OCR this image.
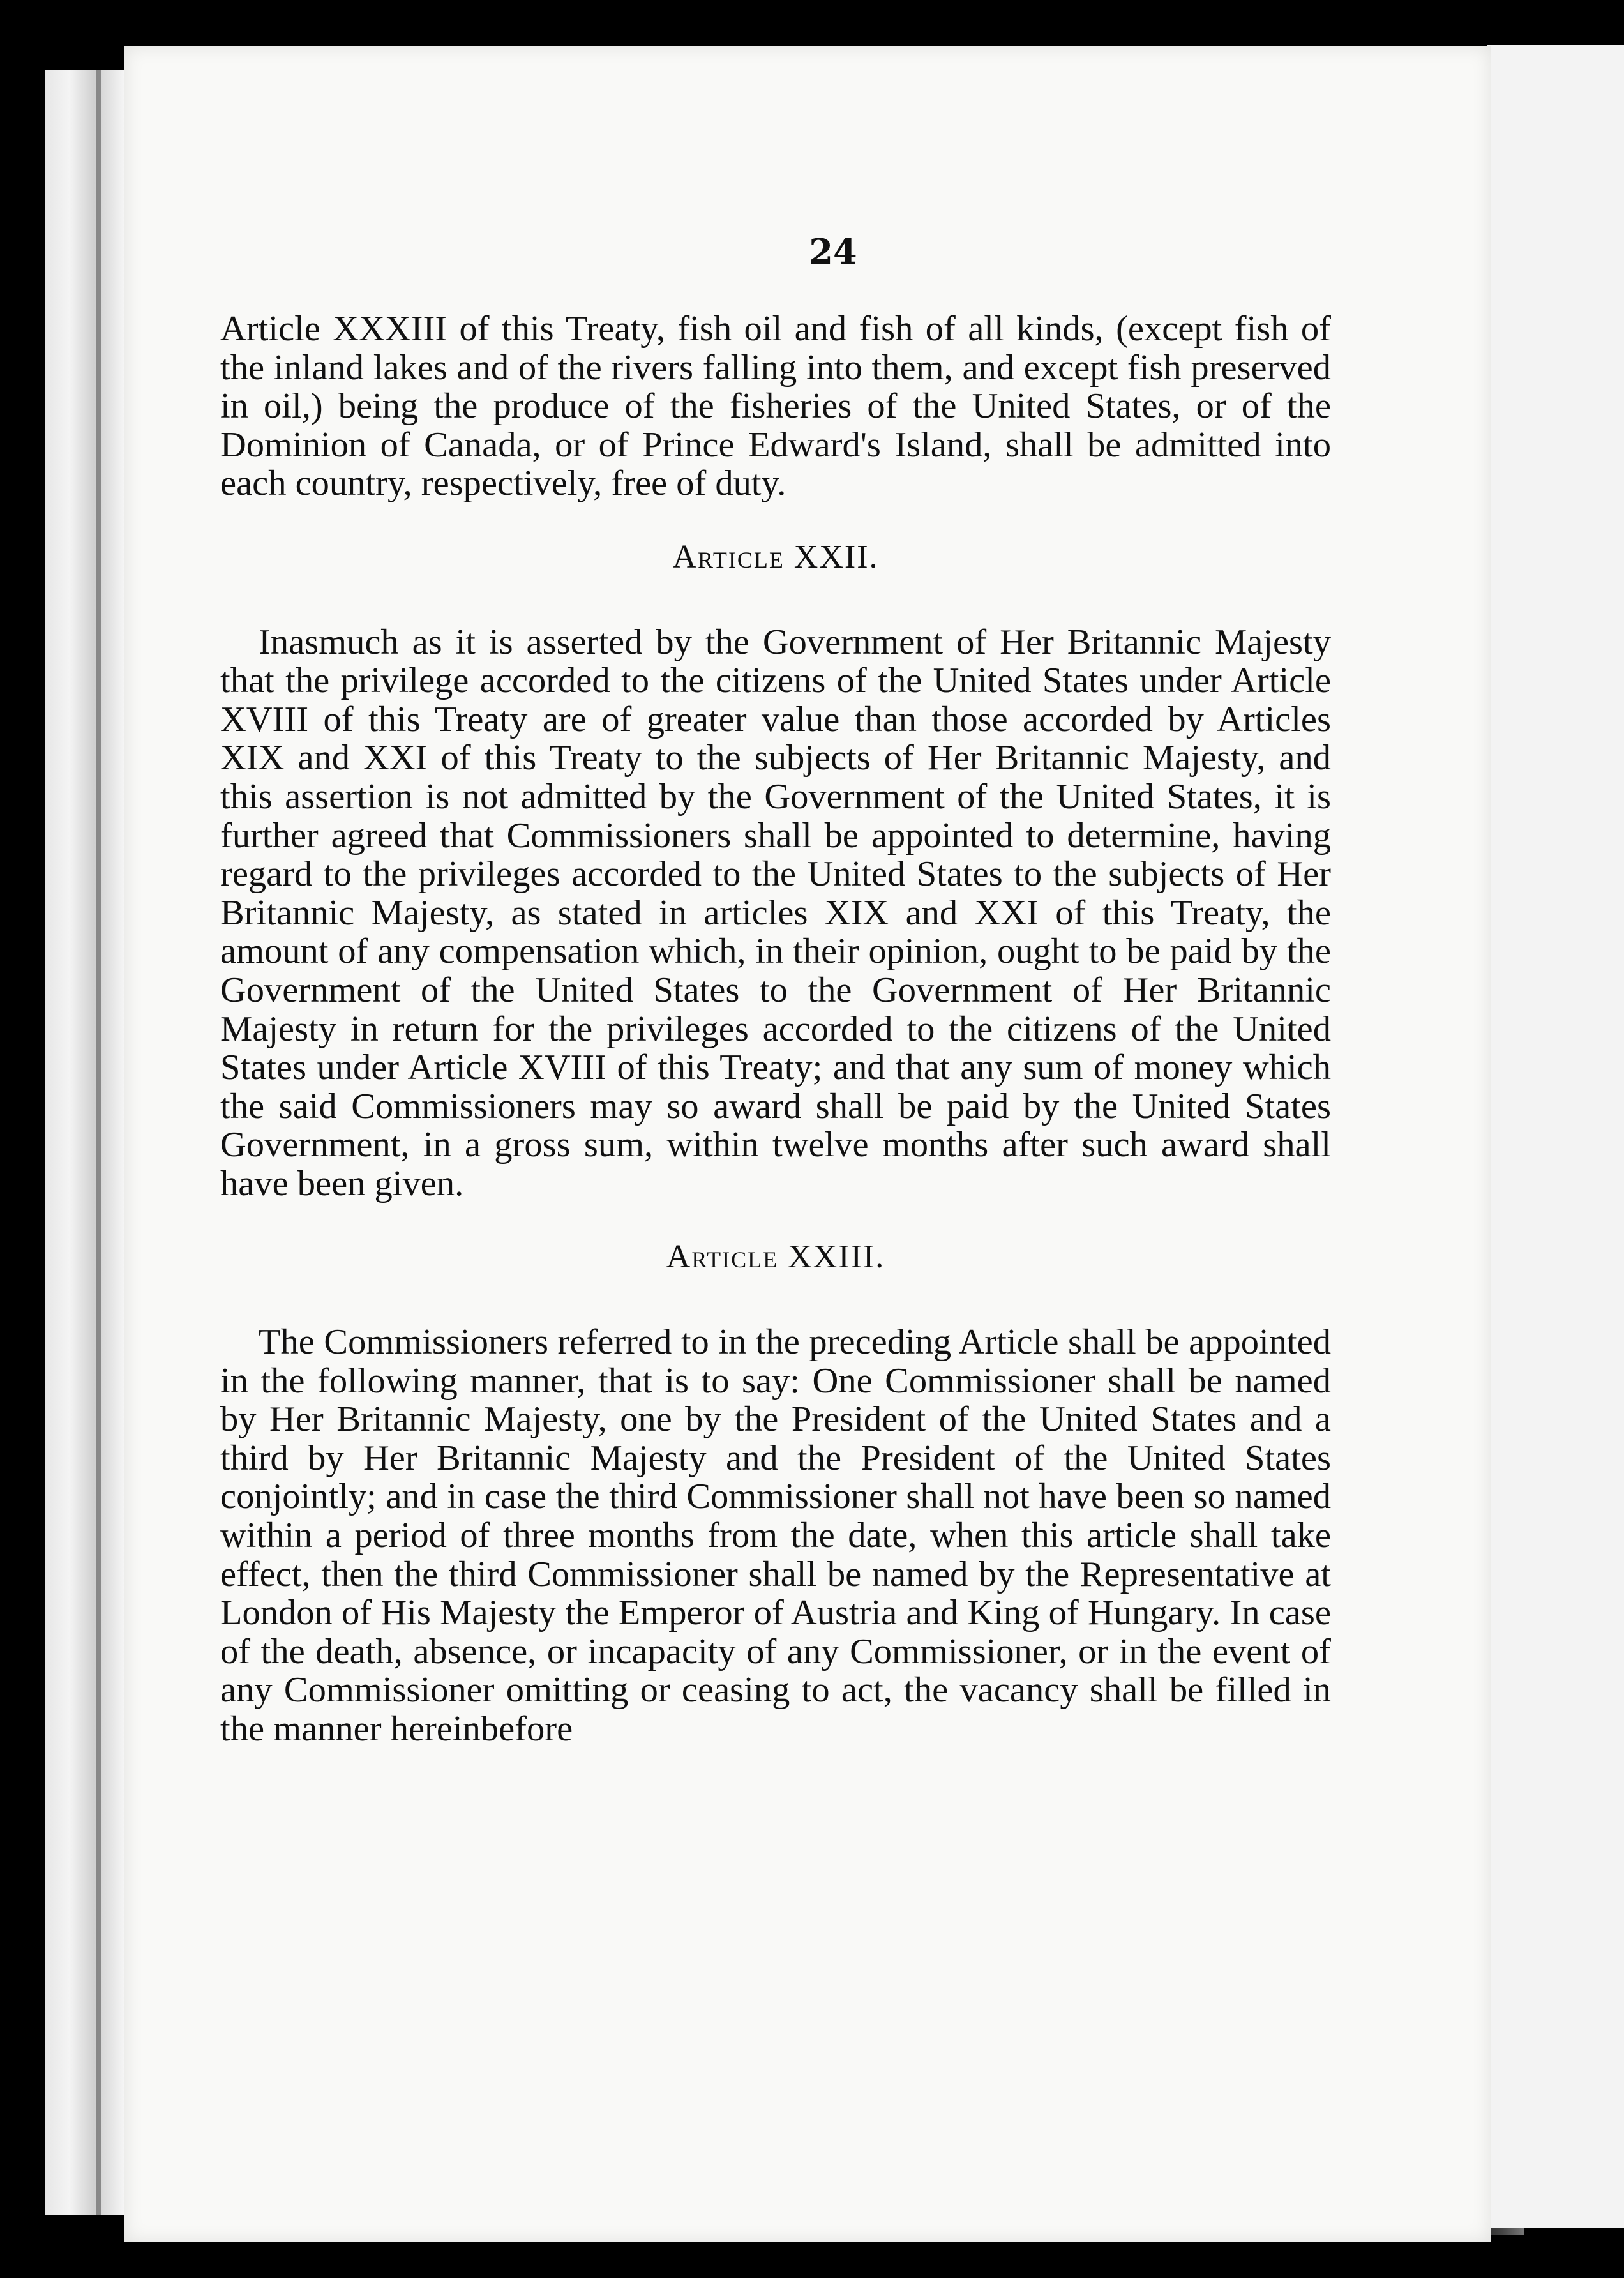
24

Article XXXIII of this Treaty, fish oil and fish of all kinds, (except fish of the inland lakes and of the rivers falling into them, and except fish preserved in oil,) being the produce of the fisheries of the United States, or of the Dominion of Canada, or of Prince Edward's Island, shall be admitted into each country, respectively, free of duty.

Article XXII.

Inasmuch as it is asserted by the Government of Her Britannic Majesty that the privilege accorded to the citizens of the United States under Article XVIII of this Treaty are of greater value than those accorded by Articles XIX and XXI of this Treaty to the subjects of Her Britannic Majesty, and this assertion is not admitted by the Government of the United States, it is further agreed that Commissioners shall be appointed to determine, having regard to the privileges accorded to the United States to the subjects of Her Britannic Majesty, as stated in articles XIX and XXI of this Treaty, the amount of any compensation which, in their opinion, ought to be paid by the Government of the United States to the Government of Her Britannic Majesty in return for the privileges accorded to the citizens of the United States under Article XVIII of this Treaty; and that any sum of money which the said Commissioners may so award shall be paid by the United States Government, in a gross sum, within twelve months after such award shall have been given.

Article XXIII.

The Commissioners referred to in the preceding Article shall be appointed in the following manner, that is to say: One Commissioner shall be named by Her Britannic Majesty, one by the President of the United States and a third by Her Britannic Majesty and the President of the United States conjointly; and in case the third Commissioner shall not have been so named within a period of three months from the date, when this article shall take effect, then the third Commissioner shall be named by the Representative at London of His Majesty the Emperor of Austria and King of Hungary. In case of the death, absence, or incapacity of any Commissioner, or in the event of any Commissioner omitting or ceasing to act, the vacancy shall be filled in the manner hereinbefore
